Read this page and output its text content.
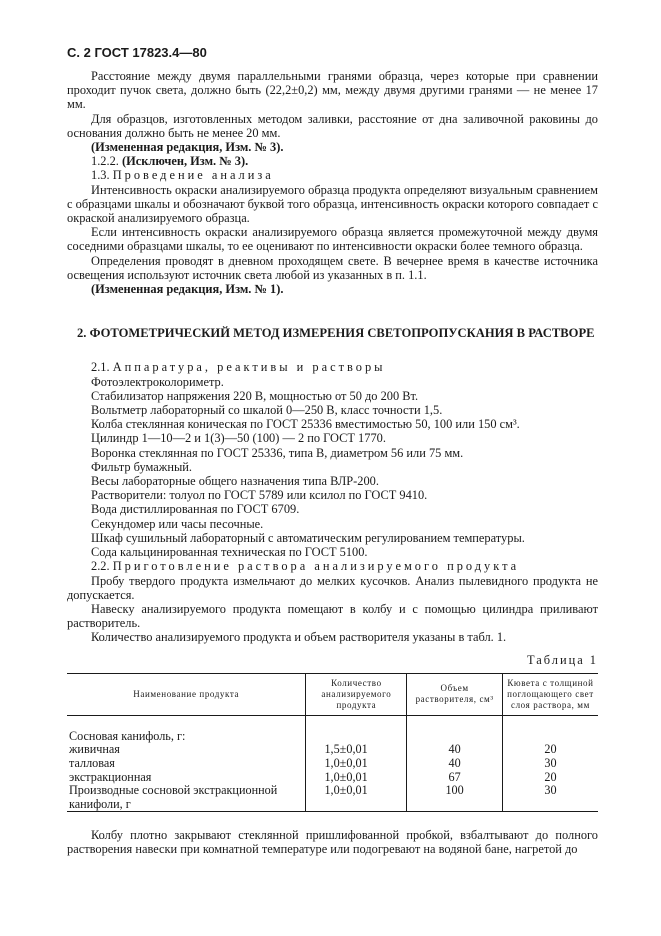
С. 2 ГОСТ 17823.4—80

Расстояние между двумя параллельными гранями образца, через которые при сравнении проходит пучок света, должно быть (22,2±0,2) мм, между двумя другими гранями — не менее 17 мм.

Для образцов, изготовленных методом заливки, расстояние от дна заливочной раковины до основания должно быть не менее 20 мм.

(Измененная редакция, Изм. № 3).

1.2.2. (Исключен, Изм. № 3).

1.3. Проведение анализа

Интенсивность окраски анализируемого образца продукта определяют визуальным сравнением с образцами шкалы и обозначают буквой того образца, интенсивность окраски которого совпадает с окраской анализируемого образца.

Если интенсивность окраски анализируемого образца является промежуточной между двумя соседними образцами шкалы, то ее оценивают по интенсивности окраски более темного образца.

Определения проводят в дневном проходящем свете. В вечернее время в качестве источника освещения используют источник света любой из указанных в п. 1.1.

(Измененная редакция, Изм. № 1).

2. ФОТОМЕТРИЧЕСКИЙ МЕТОД ИЗМЕРЕНИЯ СВЕТОПРОПУСКАНИЯ В РАСТВОРЕ

2.1. Аппаратура, реактивы и растворы

Фотоэлектроколориметр.

Стабилизатор напряжения 220 В, мощностью от 50 до 200 Вт.

Вольтметр лабораторный со шкалой 0—250 В, класс точности 1,5.

Колба стеклянная коническая по ГОСТ 25336 вместимостью 50, 100 или 150 см³.

Цилиндр 1—10—2 и 1(3)—50 (100) — 2 по ГОСТ 1770.

Воронка стеклянная по ГОСТ 25336, типа В, диаметром 56 или 75 мм.

Фильтр бумажный.

Весы лабораторные общего назначения типа ВЛР-200.

Растворители: толуол по ГОСТ 5789 или ксилол по ГОСТ 9410.

Вода дистиллированная по ГОСТ 6709.

Секундомер или часы песочные.

Шкаф сушильный лабораторный с автоматическим регулированием температуры.

Сода кальцинированная техническая по ГОСТ 5100.

2.2. Приготовление раствора анализируемого продукта

Пробу твердого продукта измельчают до мелких кусочков. Анализ пылевидного продукта не допускается.

Навеску анализируемого продукта помещают в колбу и с помощью цилиндра приливают растворитель.

Количество анализируемого продукта и объем растворителя указаны в табл. 1.

Таблица 1

Наименование продукта	Количество анализируемого продукта	Объем растворителя, см³	Кювета с толщиной поглощающего свет слоя раствора, мм

Сосновая канифоль, г:			
живичная	1,5±0,01	40	20
талловая	1,0±0,01	40	30
экстракционная	1,0±0,01	67	20
Производные сосновой экстракционной канифоли, г	1,0±0,01	100	30

Колбу плотно закрывают стеклянной пришлифованной пробкой, взбалтывают до полного растворения навески при комнатной температуре или подогревают на водяной бане, нагретой до
